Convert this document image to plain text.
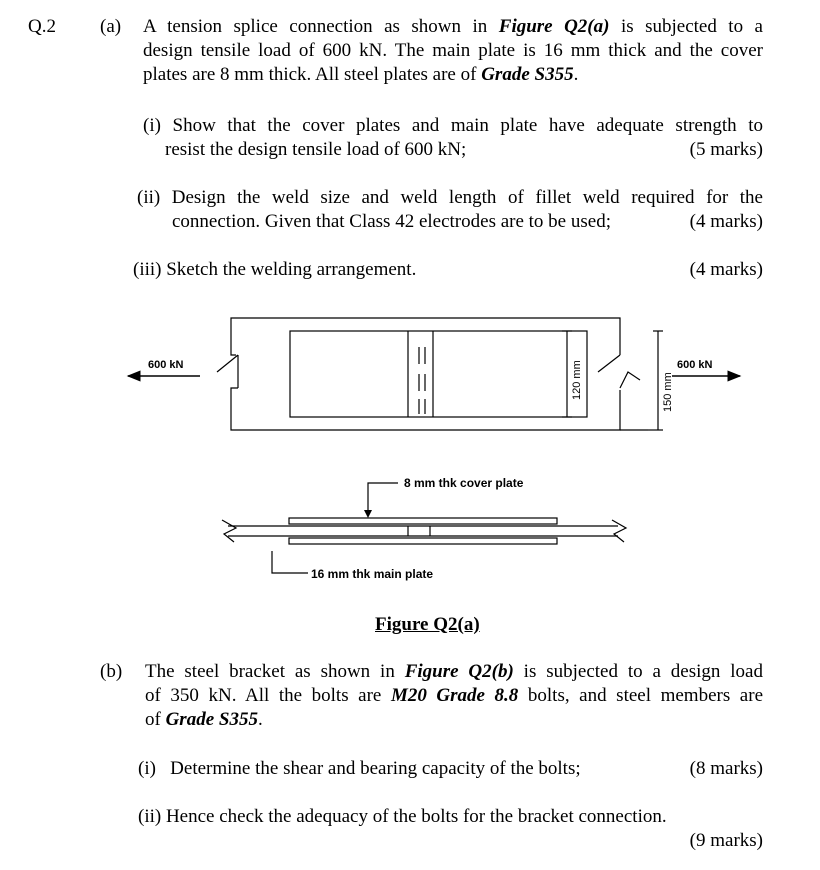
Q.2 (a) A tension splice connection as shown in Figure Q2(a) is subjected to a
design tensile load of 600 kN. The main plate is 16 mm thick and the cover
plates are 8 mm thick. All steel plates are of Grade S355.
(i) Show that the cover plates and main plate have adequate strength to
resist the design tensile load of 600 kN;	(5 marks)
(ii) Design the weld size and weld length of fillet weld required for the
connection. Given that Class 42 electrodes are to be used;	(4 marks)
(iii) Sketch the welding arrangement.	(4 marks)
600 kN	600 kN
120 mm	150 mm
8 mm thk cover plate
16 mm thk main plate
Figure Q2(a)
(b) The steel bracket as shown in Figure Q2(b) is subjected to a design load
of 350 kN. All the bolts are M20 Grade 8.8 bolts, and steel members are
of Grade S355.
(i)   Determine the shear and bearing capacity of the bolts;	(8 marks)
(ii) Hence check the adequacy of the bolts for the bracket connection.
(9 marks)
